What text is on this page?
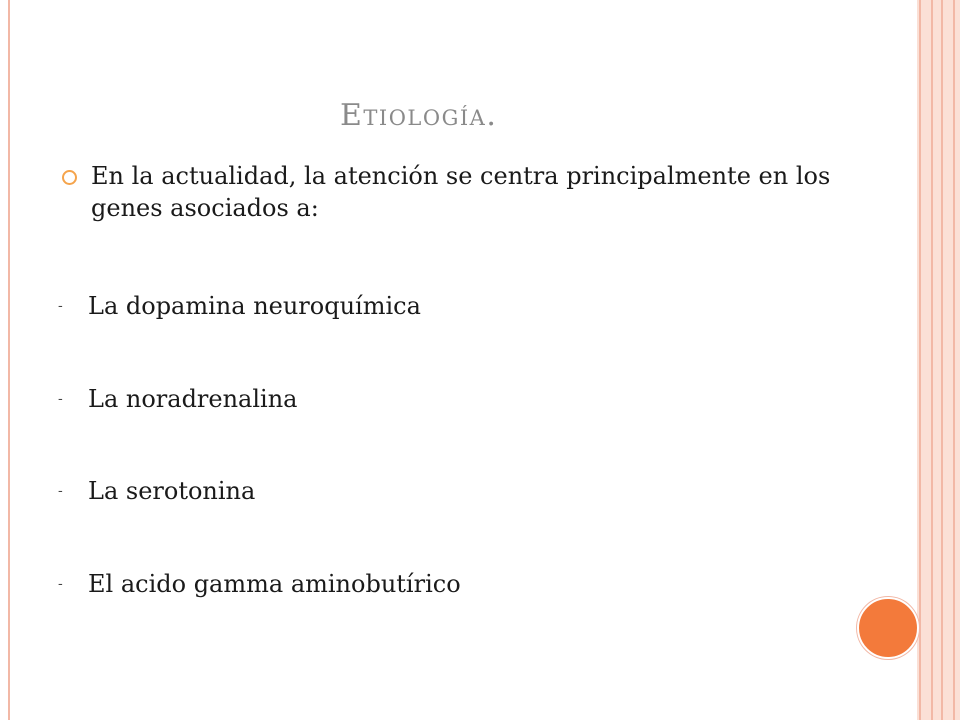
Etiología.
En la actualidad, la atención se centra principalmente en los genes asociados a:
-	La dopamina neuroquímica
-	La noradrenalina
-	La serotonina
-	El acido gamma aminobutírico
